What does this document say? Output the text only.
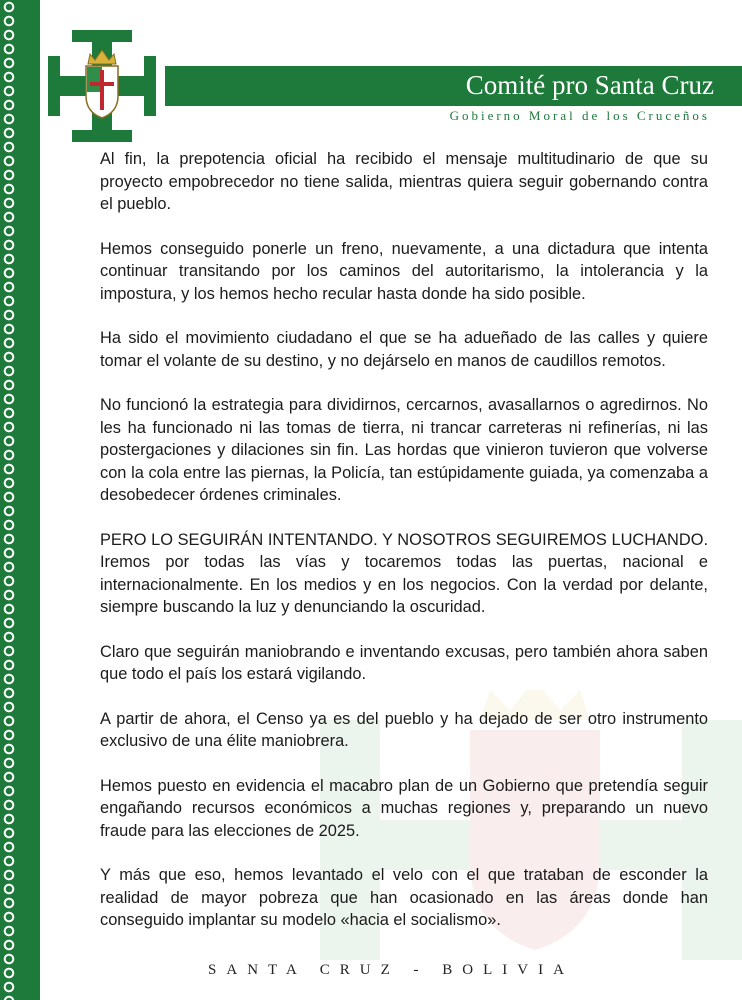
Comité pro Santa Cruz
Gobierno Moral de los Cruceños

Al fin, la prepotencia oficial ha recibido el mensaje multitudinario de que su proyecto empobrecedor no tiene salida, mientras quiera seguir gobernando contra el pueblo.

Hemos conseguido ponerle un freno, nuevamente, a una dictadura que intenta continuar transitando por los caminos del autoritarismo, la intolerancia y la impostura, y los hemos hecho recular hasta donde ha sido posible.

Ha sido el movimiento ciudadano el que se ha adueñado de las calles y quiere tomar el volante de su destino, y no dejárselo en manos de caudillos remotos.

No funcionó la estrategia para dividirnos, cercarnos, avasallarnos o agredirnos. No les ha funcionado ni las tomas de tierra, ni trancar carreteras ni refinerías, ni las postergaciones y dilaciones sin fin. Las hordas que vinieron tuvieron que volverse con la cola entre las piernas, la Policía, tan estúpidamente guiada, ya comenzaba a desobedecer órdenes criminales.

PERO LO SEGUIRÁN INTENTANDO. Y NOSOTROS SEGUIREMOS LUCHANDO. Iremos por todas las vías y tocaremos todas las puertas, nacional e internacionalmente. En los medios y en los negocios. Con la verdad por delante, siempre buscando la luz y denunciando la oscuridad.

Claro que seguirán maniobrando e inventando excusas, pero también ahora saben que todo el país los estará vigilando.

A partir de ahora, el Censo ya es del pueblo y ha dejado de ser otro instrumento exclusivo de una élite maniobrera.

Hemos puesto en evidencia el macabro plan de un Gobierno que pretendía seguir engañando recursos económicos a muchas regiones y, preparando un nuevo fraude para las elecciones de 2025.

Y más que eso, hemos levantado el velo con el que trataban de esconder la realidad de mayor pobreza que han ocasionado en las áreas donde han conseguido implantar su modelo «hacia el socialismo».

SANTA CRUZ - BOLIVIA
